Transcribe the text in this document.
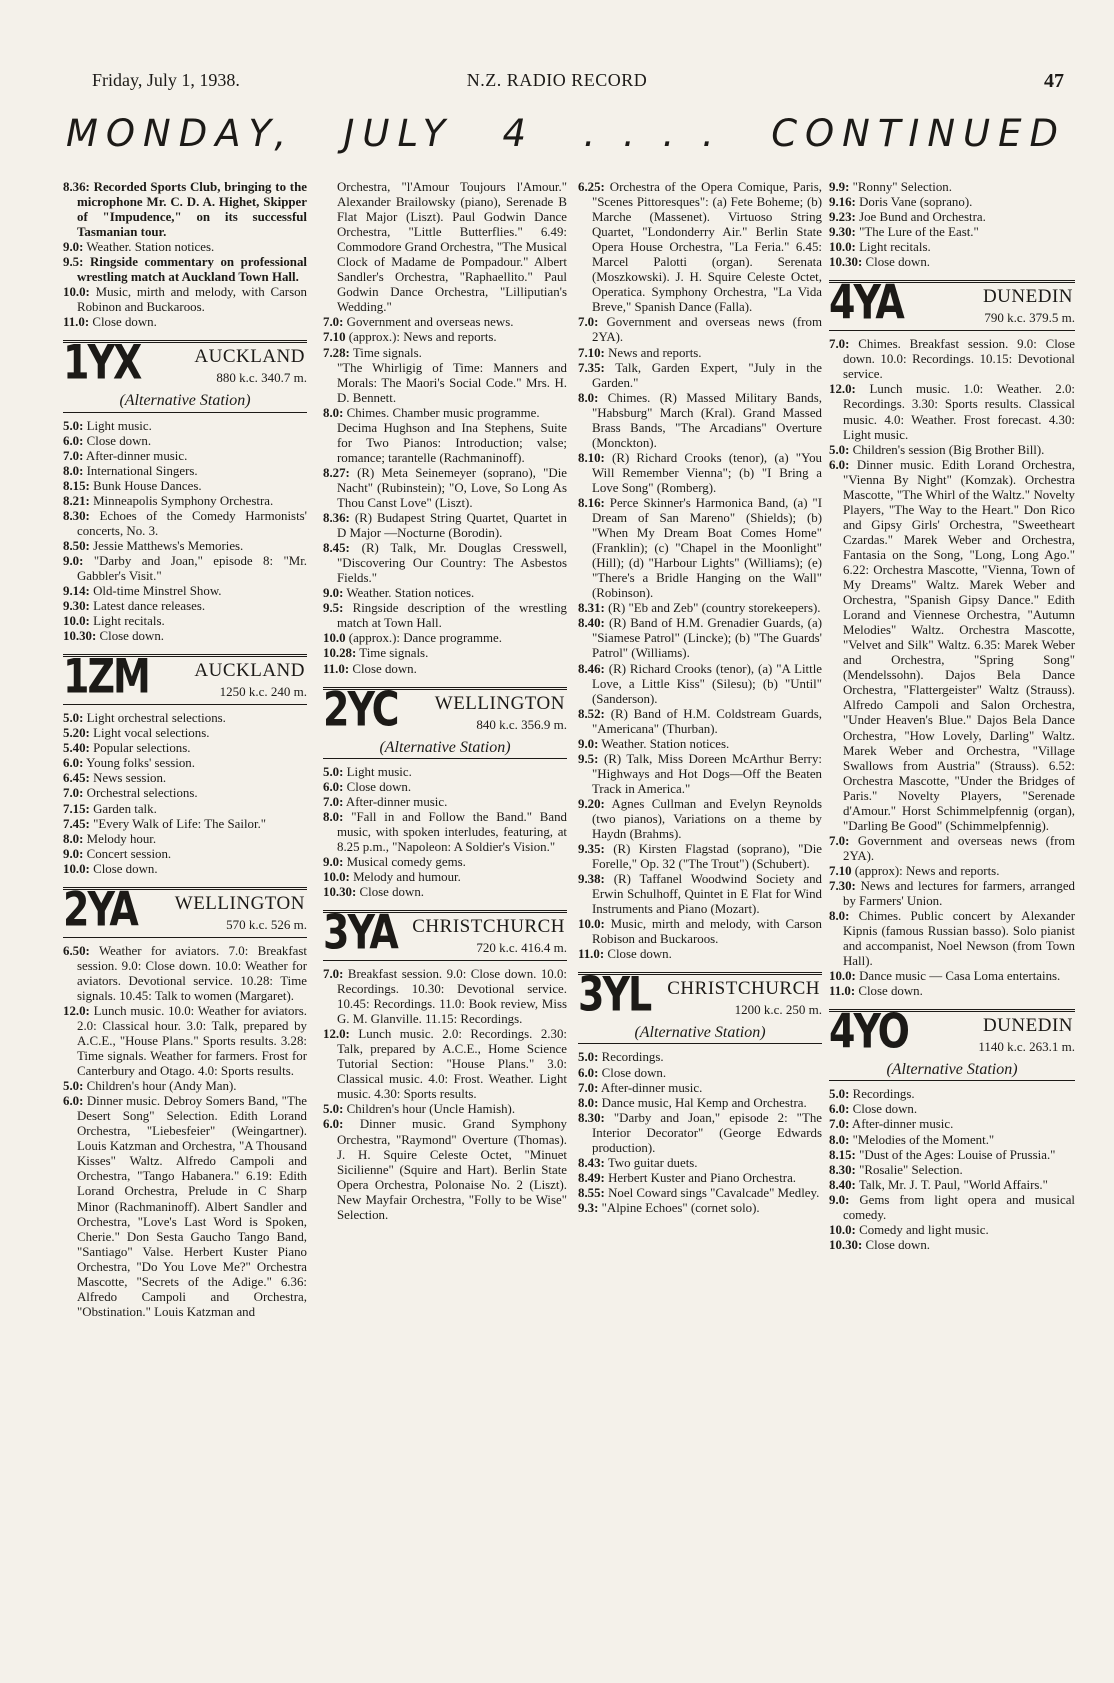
Friday, July 1, 1938.	N.Z. RADIO RECORD	47
MONDAY, JULY 4 . . . . CONTINUED

8.36: Recorded Sports Club, bringing to the microphone Mr. C. D. A. Highet, Skipper of "Impudence," on its successful Tasmanian tour.

9.0: Weather. Station notices.

9.5: Ringside commentary on professional wrestling match at Auckland Town Hall.

10.0: Music, mirth and melody, with Carson Robinon and Buckaroos.

11.0: Close down.

1YX	880 k.c. 340.7 m.
AUCKLAND
(Alternative Station)

5.0: Light music.

6.0: Close down.

7.0: After-dinner music.

8.0: International Singers.

8.15: Bunk House Dances.

8.21: Minneapolis Symphony Orchestra.

8.30: Echoes of the Comedy Harmonists' concerts, No. 3.

8.50: Jessie Matthews's Memories.

9.0: "Darby and Joan," episode 8: "Mr. Gabbler's Visit."

9.14: Old-time Minstrel Show.

9.30: Latest dance releases.

10.0: Light recitals.

10.30: Close down.

1ZM	1250 k.c. 240 m.
AUCKLAND

5.0: Light orchestral selections.

5.20: Light vocal selections.

5.40: Popular selections.

6.0: Young folks' session.

6.45: News session.

7.0: Orchestral selections.

7.15: Garden talk.

7.45: "Every Walk of Life: The Sailor."

8.0: Melody hour.

9.0: Concert session.

10.0: Close down.

2YA	570 k.c. 526 m.
WELLINGTON

6.50: Weather for aviators. 7.0: Breakfast session. 9.0: Close down. 10.0: Weather for aviators. Devotional service. 10.28: Time signals. 10.45: Talk to women (Margaret).

12.0: Lunch music. 10.0: Weather for aviators. 2.0: Classical hour. 3.0: Talk, prepared by A.C.E., "House Plans." Sports results. 3.28: Time signals. Weather for farmers. Frost for Canterbury and Otago. 4.0: Sports results.

5.0: Children's hour (Andy Man).

6.0: Dinner music. Debroy Somers Band, "The Desert Song" Selection. Edith Lorand Orchestra, "Liebesfeier" (Weingartner). Louis Katzman and Orchestra, "A Thousand Kisses" Waltz. Alfredo Campoli and Orchestra, "Tango Habanera." 6.19: Edith Lorand Orchestra, Prelude in C Sharp Minor (Rachmaninoff). Albert Sandler and Orchestra, "Love's Last Word is Spoken, Cherie." Don Sesta Gaucho Tango Band, "Santiago" Valse. Herbert Kuster Piano Orchestra, "Do You Love Me?" Orchestra Mascotte, "Secrets of the Adige." 6.36: Alfredo Campoli and Orchestra, "Obstination." Louis Katzman and

Orchestra, "l'Amour Toujours l'Amour." Alexander Brailowsky (piano), Serenade B Flat Major (Liszt). Paul Godwin Dance Orchestra, "Little Butterflies." 6.49: Commodore Grand Orchestra, "The Musical Clock of Madame de Pompadour." Albert Sandler's Orchestra, "Raphaellito." Paul Godwin Dance Orchestra, "Lilliputian's Wedding."

7.0: Government and overseas news.

7.10 (approx.): News and reports.

7.28: Time signals.

"The Whirligig of Time: Manners and Morals: The Maori's Social Code." Mrs. H. D. Bennett.

8.0: Chimes. Chamber music programme.

Decima Hughson and Ina Stephens, Suite for Two Pianos: Introduction; valse; romance; tarantelle (Rachmaninoff).

8.27: (R) Meta Seinemeyer (soprano), "Die Nacht" (Rubinstein); "O, Love, So Long As Thou Canst Love" (Liszt).

8.36: (R) Budapest String Quartet, Quartet in D Major —Nocturne (Borodin).

8.45: (R) Talk, Mr. Douglas Cresswell, "Discovering Our Country: The Asbestos Fields."

9.0: Weather. Station notices.

9.5: Ringside description of the wrestling match at Town Hall.

10.0 (approx.): Dance programme.

10.28: Time signals.

11.0: Close down.

2YC	840 k.c. 356.9 m.
WELLINGTON
(Alternative Station)

5.0: Light music.

6.0: Close down.

7.0: After-dinner music.

8.0: "Fall in and Follow the Band." Band music, with spoken interludes, featuring, at 8.25 p.m., "Napoleon: A Soldier's Vision."

9.0: Musical comedy gems.

10.0: Melody and humour.

10.30: Close down.

3YA	720 k.c. 416.4 m.
CHRISTCHURCH

7.0: Breakfast session. 9.0: Close down. 10.0: Recordings. 10.30: Devotional service. 10.45: Recordings. 11.0: Book review, Miss G. M. Glanville. 11.15: Recordings.

12.0: Lunch music. 2.0: Recordings. 2.30: Talk, prepared by A.C.E., Home Science Tutorial Section: "House Plans." 3.0: Classical music. 4.0: Frost. Weather. Light music. 4.30: Sports results.

5.0: Children's hour (Uncle Hamish).

6.0: Dinner music. Grand Symphony Orchestra, "Raymond" Overture (Thomas). J. H. Squire Celeste Octet, "Minuet Sicilienne" (Squire and Hart). Berlin State Opera Orchestra, Polonaise No. 2 (Liszt). New Mayfair Orchestra, "Folly to be Wise" Selection.

6.25: Orchestra of the Opera Comique, Paris, "Scenes Pittoresques": (a) Fete Boheme; (b) Marche (Massenet). Virtuoso String Quartet, "Londonderry Air." Berlin State Opera House Orchestra, "La Feria." 6.45: Marcel Palotti (organ). Serenata (Moszkowski). J. H. Squire Celeste Octet, Operatica. Symphony Orchestra, "La Vida Breve," Spanish Dance (Falla).

7.0: Government and overseas news (from 2YA).

7.10: News and reports.

7.35: Talk, Garden Expert, "July in the Garden."

8.0: Chimes. (R) Massed Military Bands, "Habsburg" March (Kral). Grand Massed Brass Bands, "The Arcadians" Overture (Monckton).

8.10: (R) Richard Crooks (tenor), (a) "You Will Remember Vienna"; (b) "I Bring a Love Song" (Romberg).

8.16: Perce Skinner's Harmonica Band, (a) "I Dream of San Mareno" (Shields); (b) "When My Dream Boat Comes Home" (Franklin); (c) "Chapel in the Moonlight" (Hill); (d) "Harbour Lights" (Williams); (e) "There's a Bridle Hanging on the Wall" (Robinson).

8.31: (R) "Eb and Zeb" (country storekeepers).

8.40: (R) Band of H.M. Grenadier Guards, (a) "Siamese Patrol" (Lincke); (b) "The Guards' Patrol" (Williams).

8.46: (R) Richard Crooks (tenor), (a) "A Little Love, a Little Kiss" (Silesu); (b) "Until" (Sanderson).

8.52: (R) Band of H.M. Coldstream Guards, "Americana" (Thurban).

9.0: Weather. Station notices.

9.5: (R) Talk, Miss Doreen McArthur Berry: "Highways and Hot Dogs—Off the Beaten Track in America."

9.20: Agnes Cullman and Evelyn Reynolds (two pianos), Variations on a theme by Haydn (Brahms).

9.35: (R) Kirsten Flagstad (soprano), "Die Forelle," Op. 32 ("The Trout") (Schubert).

9.38: (R) Taffanel Woodwind Society and Erwin Schulhoff, Quintet in E Flat for Wind Instruments and Piano (Mozart).

10.0: Music, mirth and melody, with Carson Robison and Buckaroos.

11.0: Close down.

3YL	1200 k.c. 250 m.
CHRISTCHURCH
(Alternative Station)

5.0: Recordings.

6.0: Close down.

7.0: After-dinner music.

8.0: Dance music, Hal Kemp and Orchestra.

8.30: "Darby and Joan," episode 2: "The Interior Decorator" (George Edwards production).

8.43: Two guitar duets.

8.49: Herbert Kuster and Piano Orchestra.

8.55: Noel Coward sings "Cavalcade" Medley.

9.3: "Alpine Echoes" (cornet solo).

9.9: "Ronny" Selection.

9.16: Doris Vane (soprano).

9.23: Joe Bund and Orchestra.

9.30: "The Lure of the East."

10.0: Light recitals.

10.30: Close down.

4YA	790 k.c. 379.5 m.
DUNEDIN

7.0: Chimes. Breakfast session. 9.0: Close down. 10.0: Recordings. 10.15: Devotional service.

12.0: Lunch music. 1.0: Weather. 2.0: Recordings. 3.30: Sports results. Classical music. 4.0: Weather. Frost forecast. 4.30: Light music.

5.0: Children's session (Big Brother Bill).

6.0: Dinner music. Edith Lorand Orchestra, "Vienna By Night" (Komzak). Orchestra Mascotte, "The Whirl of the Waltz." Novelty Players, "The Way to the Heart." Don Rico and Gipsy Girls' Orchestra, "Sweetheart Czardas." Marek Weber and Orchestra, Fantasia on the Song, "Long, Long Ago." 6.22: Orchestra Mascotte, "Vienna, Town of My Dreams" Waltz. Marek Weber and Orchestra, "Spanish Gipsy Dance." Edith Lorand and Viennese Orchestra, "Autumn Melodies" Waltz. Orchestra Mascotte, "Velvet and Silk" Waltz. 6.35: Marek Weber and Orchestra, "Spring Song" (Mendelssohn). Dajos Bela Dance Orchestra, "Flattergeister" Waltz (Strauss). Alfredo Campoli and Salon Orchestra, "Under Heaven's Blue." Dajos Bela Dance Orchestra, "How Lovely, Darling" Waltz. Marek Weber and Orchestra, "Village Swallows from Austria" (Strauss). 6.52: Orchestra Mascotte, "Under the Bridges of Paris." Novelty Players, "Serenade d'Amour." Horst Schimmelpfennig (organ), "Darling Be Good" (Schimmelpfennig).

7.0: Government and overseas news (from 2YA).

7.10 (approx): News and reports.

7.30: News and lectures for farmers, arranged by Farmers' Union.

8.0: Chimes. Public concert by Alexander Kipnis (famous Russian basso). Solo pianist and accompanist, Noel Newson (from Town Hall).

10.0: Dance music — Casa Loma entertains.

11.0: Close down.

4YO	1140 k.c. 263.1 m.
DUNEDIN
(Alternative Station)

5.0: Recordings.

6.0: Close down.

7.0: After-dinner music.

8.0: "Melodies of the Moment."

8.15: "Dust of the Ages: Louise of Prussia."

8.30: "Rosalie" Selection.

8.40: Talk, Mr. J. T. Paul, "World Affairs."

9.0: Gems from light opera and musical comedy.

10.0: Comedy and light music.

10.30: Close down.
